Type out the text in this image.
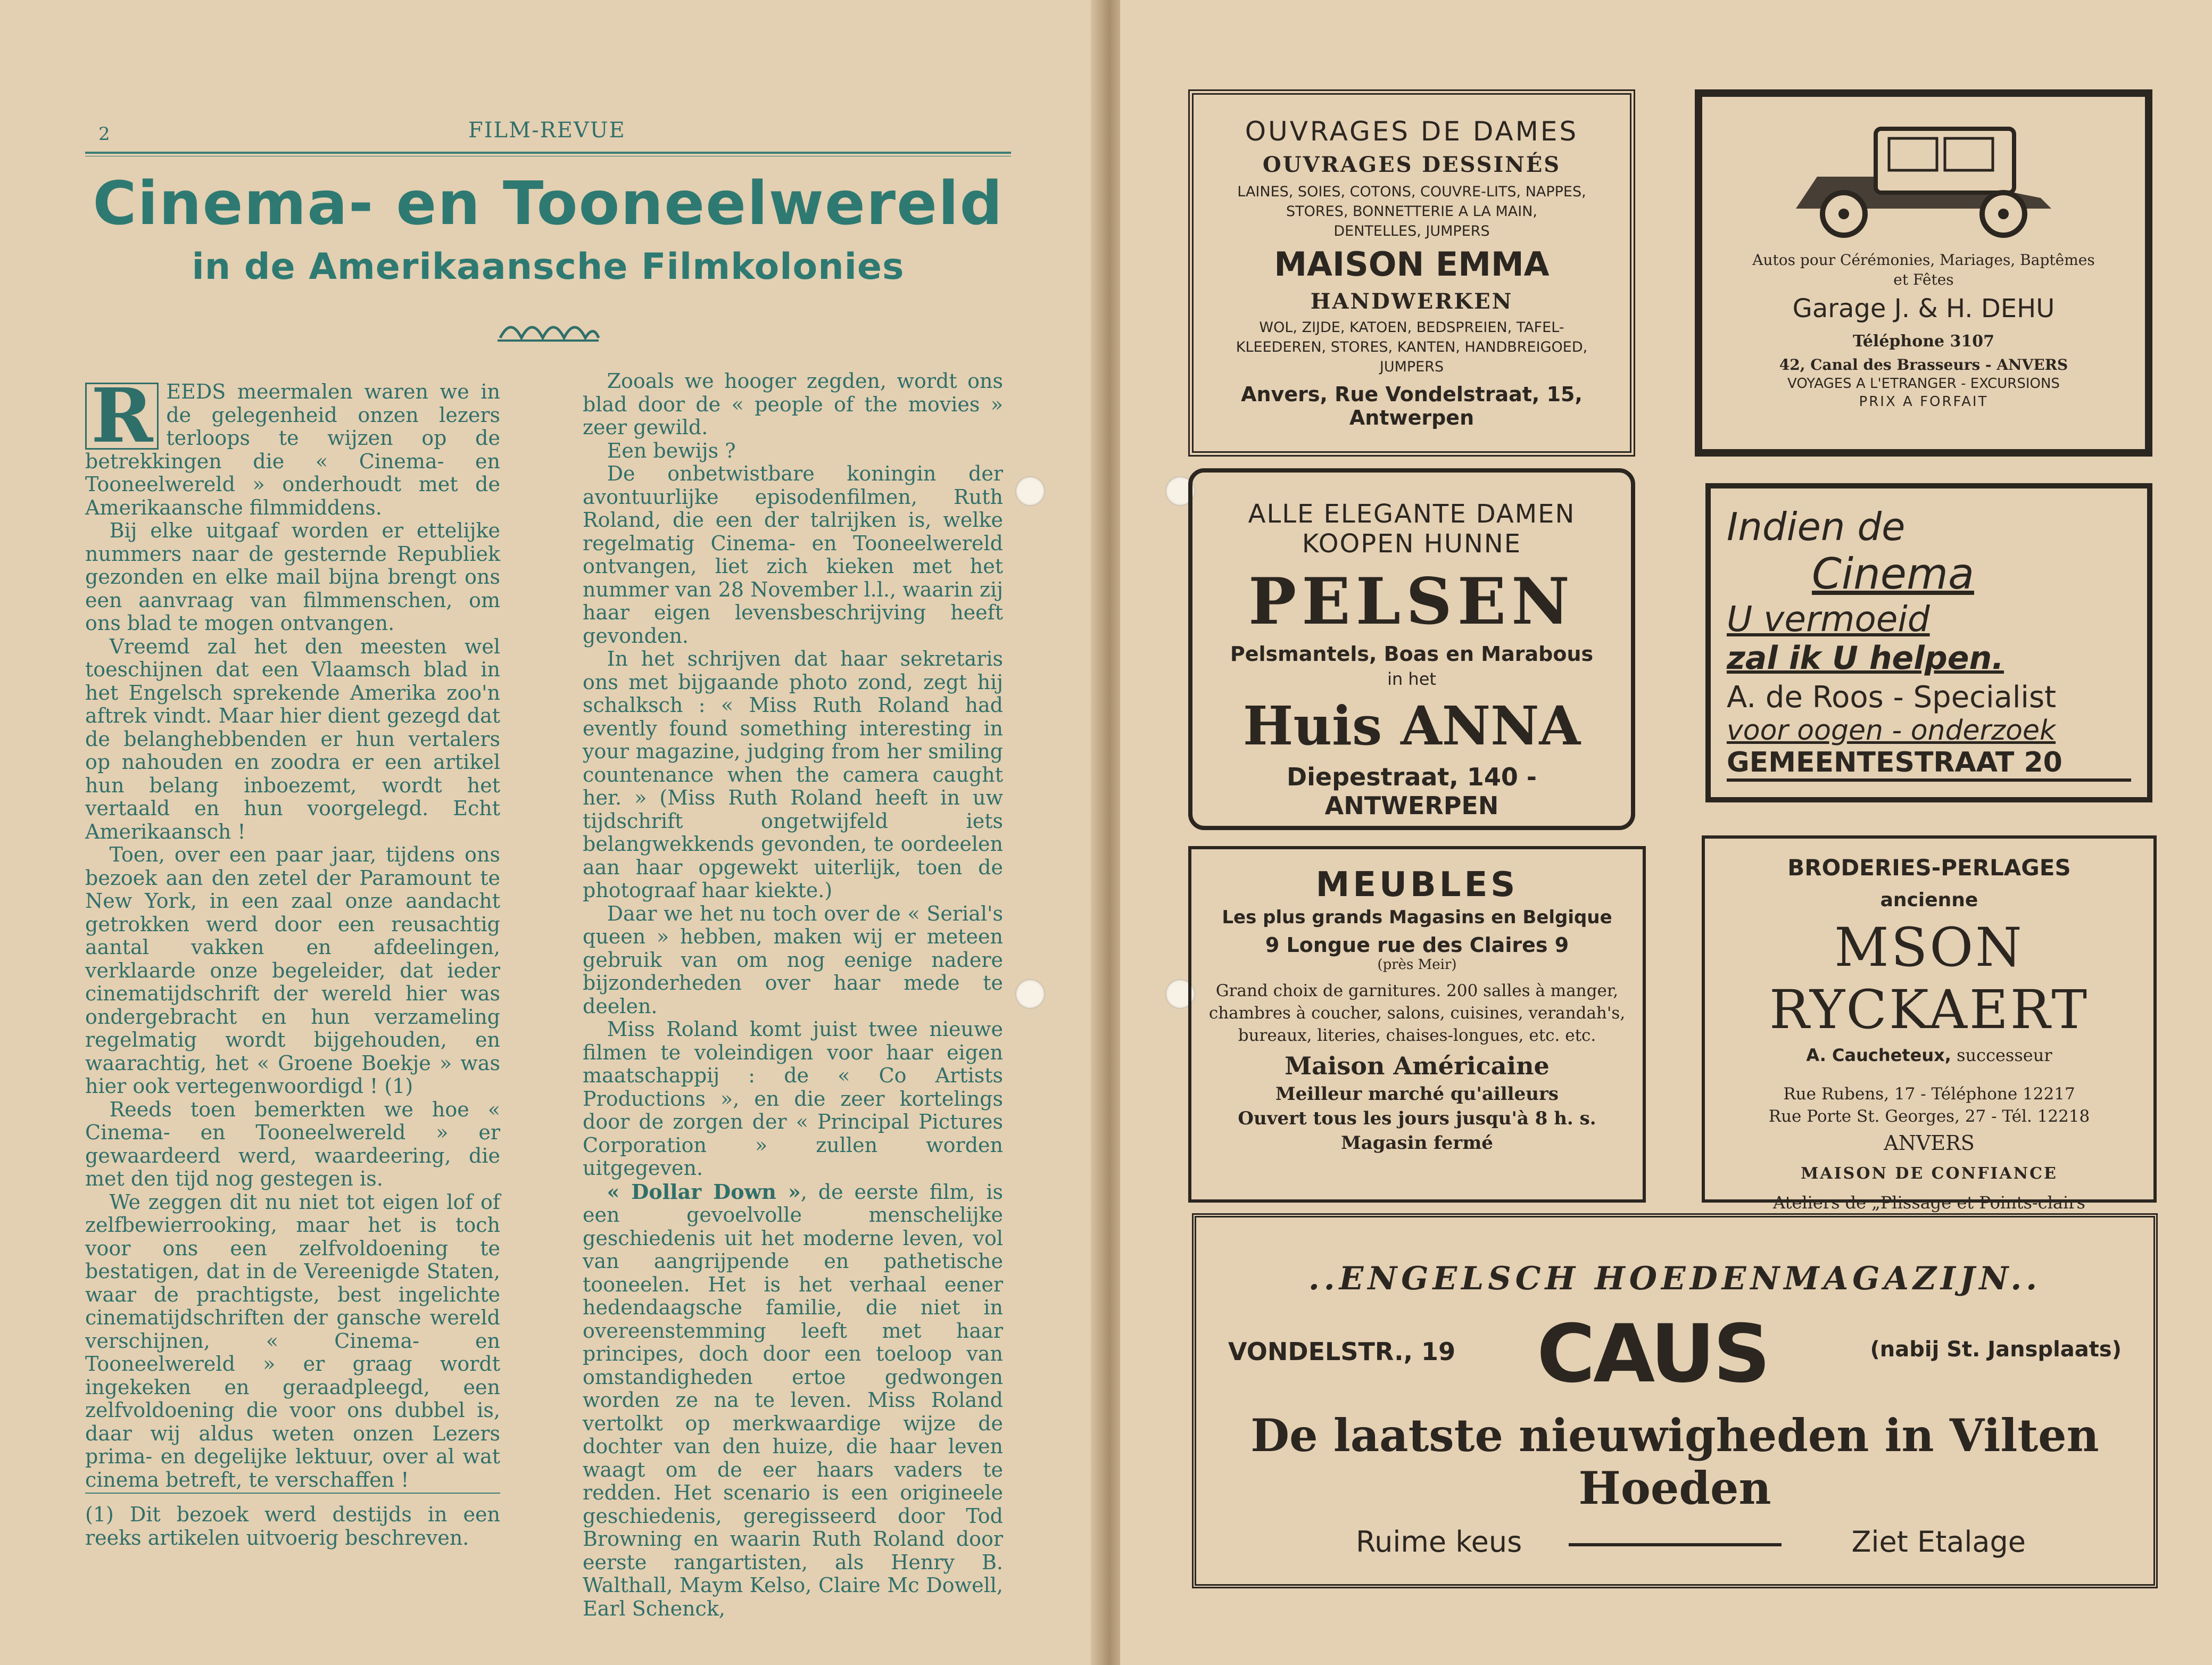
2	FILM-REVUE
Cinema- en Tooneelwereld
in de Amerikaansche Filmkolonies
R EEDS meermalen waren we in de gelegenheid onzen lezers terloops te wijzen op de betrekkingen die « Cinema- en Tooneelwereld » onderhoudt met de Amerikaansche filmmiddens.

Bij elke uitgaaf worden er ettelijke nummers naar de gesternde Republiek gezonden en elke mail bijna brengt ons een aanvraag van filmmenschen, om ons blad te mogen ontvangen.

Vreemd zal het den meesten wel toeschijnen dat een Vlaamsch blad in het Engelsch sprekende Amerika zoo'n aftrek vindt. Maar hier dient gezegd dat de belanghebbenden er hun vertalers op nahouden en zoodra er een artikel hun belang inboezemt, wordt het vertaald en hun voorgelegd. Echt Amerikaansch !

Toen, over een paar jaar, tijdens ons bezoek aan den zetel der Paramount te New York, in een zaal onze aandacht getrokken werd door een reusachtig aantal vakken en afdeelingen, verklaarde onze begeleider, dat ieder cinematijdschrift der wereld hier was ondergebracht en hun verzameling regelmatig wordt bijgehouden, en waarachtig, het « Groene Boekje » was hier ook vertegenwoordigd ! (1)

Reeds toen bemerkten we hoe « Cinema- en Tooneelwereld » er gewaardeerd werd, waardeering, die met den tijd nog gestegen is.

We zeggen dit nu niet tot eigen lof of zelfbewierrooking, maar het is toch voor ons een zelfvoldoening te bestatigen, dat in de Vereenigde Staten, waar de prachtigste, best ingelichte cinematijdschriften der gansche wereld verschijnen, « Cinema- en Tooneelwereld » er graag wordt ingekeken en geraadpleegd, een zelfvoldoening die voor ons dubbel is, daar wij aldus weten onzen Lezers prima- en degelijke lektuur, over al wat cinema betreft, te verschaffen !

(1) Dit bezoek werd destijds in een reeks artikelen uitvoerig beschreven.

Zooals we hooger zegden, wordt ons blad door de « people of the movies » zeer gewild.

Een bewijs ?

De onbetwistbare koningin der avontuurlijke episodenfilmen, Ruth Roland, die een der talrijken is, welke regelmatig Cinema- en Tooneelwereld ontvangen, liet zich kieken met het nummer van 28 November l.l., waarin zij haar eigen levensbeschrijving heeft gevonden.

In het schrijven dat haar sekretaris ons met bijgaande photo zond, zegt hij schalksch : « Miss Ruth Roland had evently found something interesting in your magazine, judging from her smiling countenance when the camera caught her. » (Miss Ruth Roland heeft in uw tijdschrift ongetwijfeld iets belangwekkends gevonden, te oordeelen aan haar opgewekt uiterlijk, toen de photograaf haar kiekte.)

Daar we het nu toch over de « Serial's queen » hebben, maken wij er meteen gebruik van om nog eenige nadere bijzonderheden over haar mede te deelen.

Miss Roland komt juist twee nieuwe filmen te voleindigen voor haar eigen maatschappij : de « Co Artists Productions », en die zeer kortelings door de zorgen der « Principal Pictures Corporation » zullen worden uitgegeven.

« Dollar Down », de eerste film, is een gevoelvolle menschelijke geschiedenis uit het moderne leven, vol van aangrijpende en pathetische tooneelen. Het is het verhaal eener hedendaagsche familie, die niet in overeenstemming leeft met haar principes, doch door een toeloop van omstandigheden ertoe gedwongen worden ze na te leven. Miss Roland vertolkt op merkwaardige wijze de dochter van den huize, die haar leven waagt om de eer haars vaders te redden. Het scenario is een origineele geschiedenis, geregisseerd door Tod Browning en waarin Ruth Roland door eerste rangartisten, als Henry B. Walthall, Maym Kelso, Claire Mc Dowell, Earl Schenck,

OUVRAGES DE DAMES
OUVRAGES DESSINÉS
LAINES, SOIES, COTONS, COUVRE-LITS, NAPPES,
STORES, BONNETTERIE A LA MAIN,
DENTELLES, JUMPERS
MAISON EMMA
HANDWERKEN
WOL, ZIJDE, KATOEN, BEDSPREIEN, TAFEL-
KLEEDEREN, STORES, KANTEN, HANDBREIGOED,
JUMPERS
Anvers, Rue Vondelstraat, 15, Antwerpen
Autos pour Cérémonies, Mariages, Baptêmes
et Fêtes
Garage J. & H. DEHU
Téléphone 3107
42, Canal des Brasseurs - ANVERS
VOYAGES A L'ETRANGER - EXCURSIONS
PRIX A FORFAIT
ALLE ELEGANTE DAMEN
KOOPEN HUNNE
PELSEN
Pelsmantels, Boas en Marabous
in het
Huis ANNA
Diepestraat, 140 - ANTWERPEN
Indien de
Cinema
U vermoeid
zal ik U helpen.
A. de Roos - Specialist
voor oogen - onderzoek
GEMEENTESTRAAT 20
MEUBLES
Les plus grands Magasins en Belgique
9 Longue rue des Claires 9
(près Meir)
Grand choix de garnitures. 200 salles à manger,
chambres à coucher, salons, cuisines, verandah's,
bureaux, literies, chaises-longues, etc. etc.
Maison Américaine
Meilleur marché qu'ailleurs
Ouvert tous les jours jusqu'à 8 h. s.
Magasin fermé
BRODERIES-PERLAGES
ancienne
MSON RYCKAERT
A. Caucheteux, successeur
Rue Rubens, 17 - Téléphone 12217
Rue Porte St. Georges, 27 - Tél. 12218
ANVERS
MAISON DE CONFIANCE
Ateliers de „Plissage et Points-clairs
..ENGELSCH HOEDENMAGAZIJN..
VONDELSTR., 19 CAUS	(nabij St. Jansplaats)
De laatste nieuwigheden in Vilten Hoeden
Ruime keus	Ziet Etalage
